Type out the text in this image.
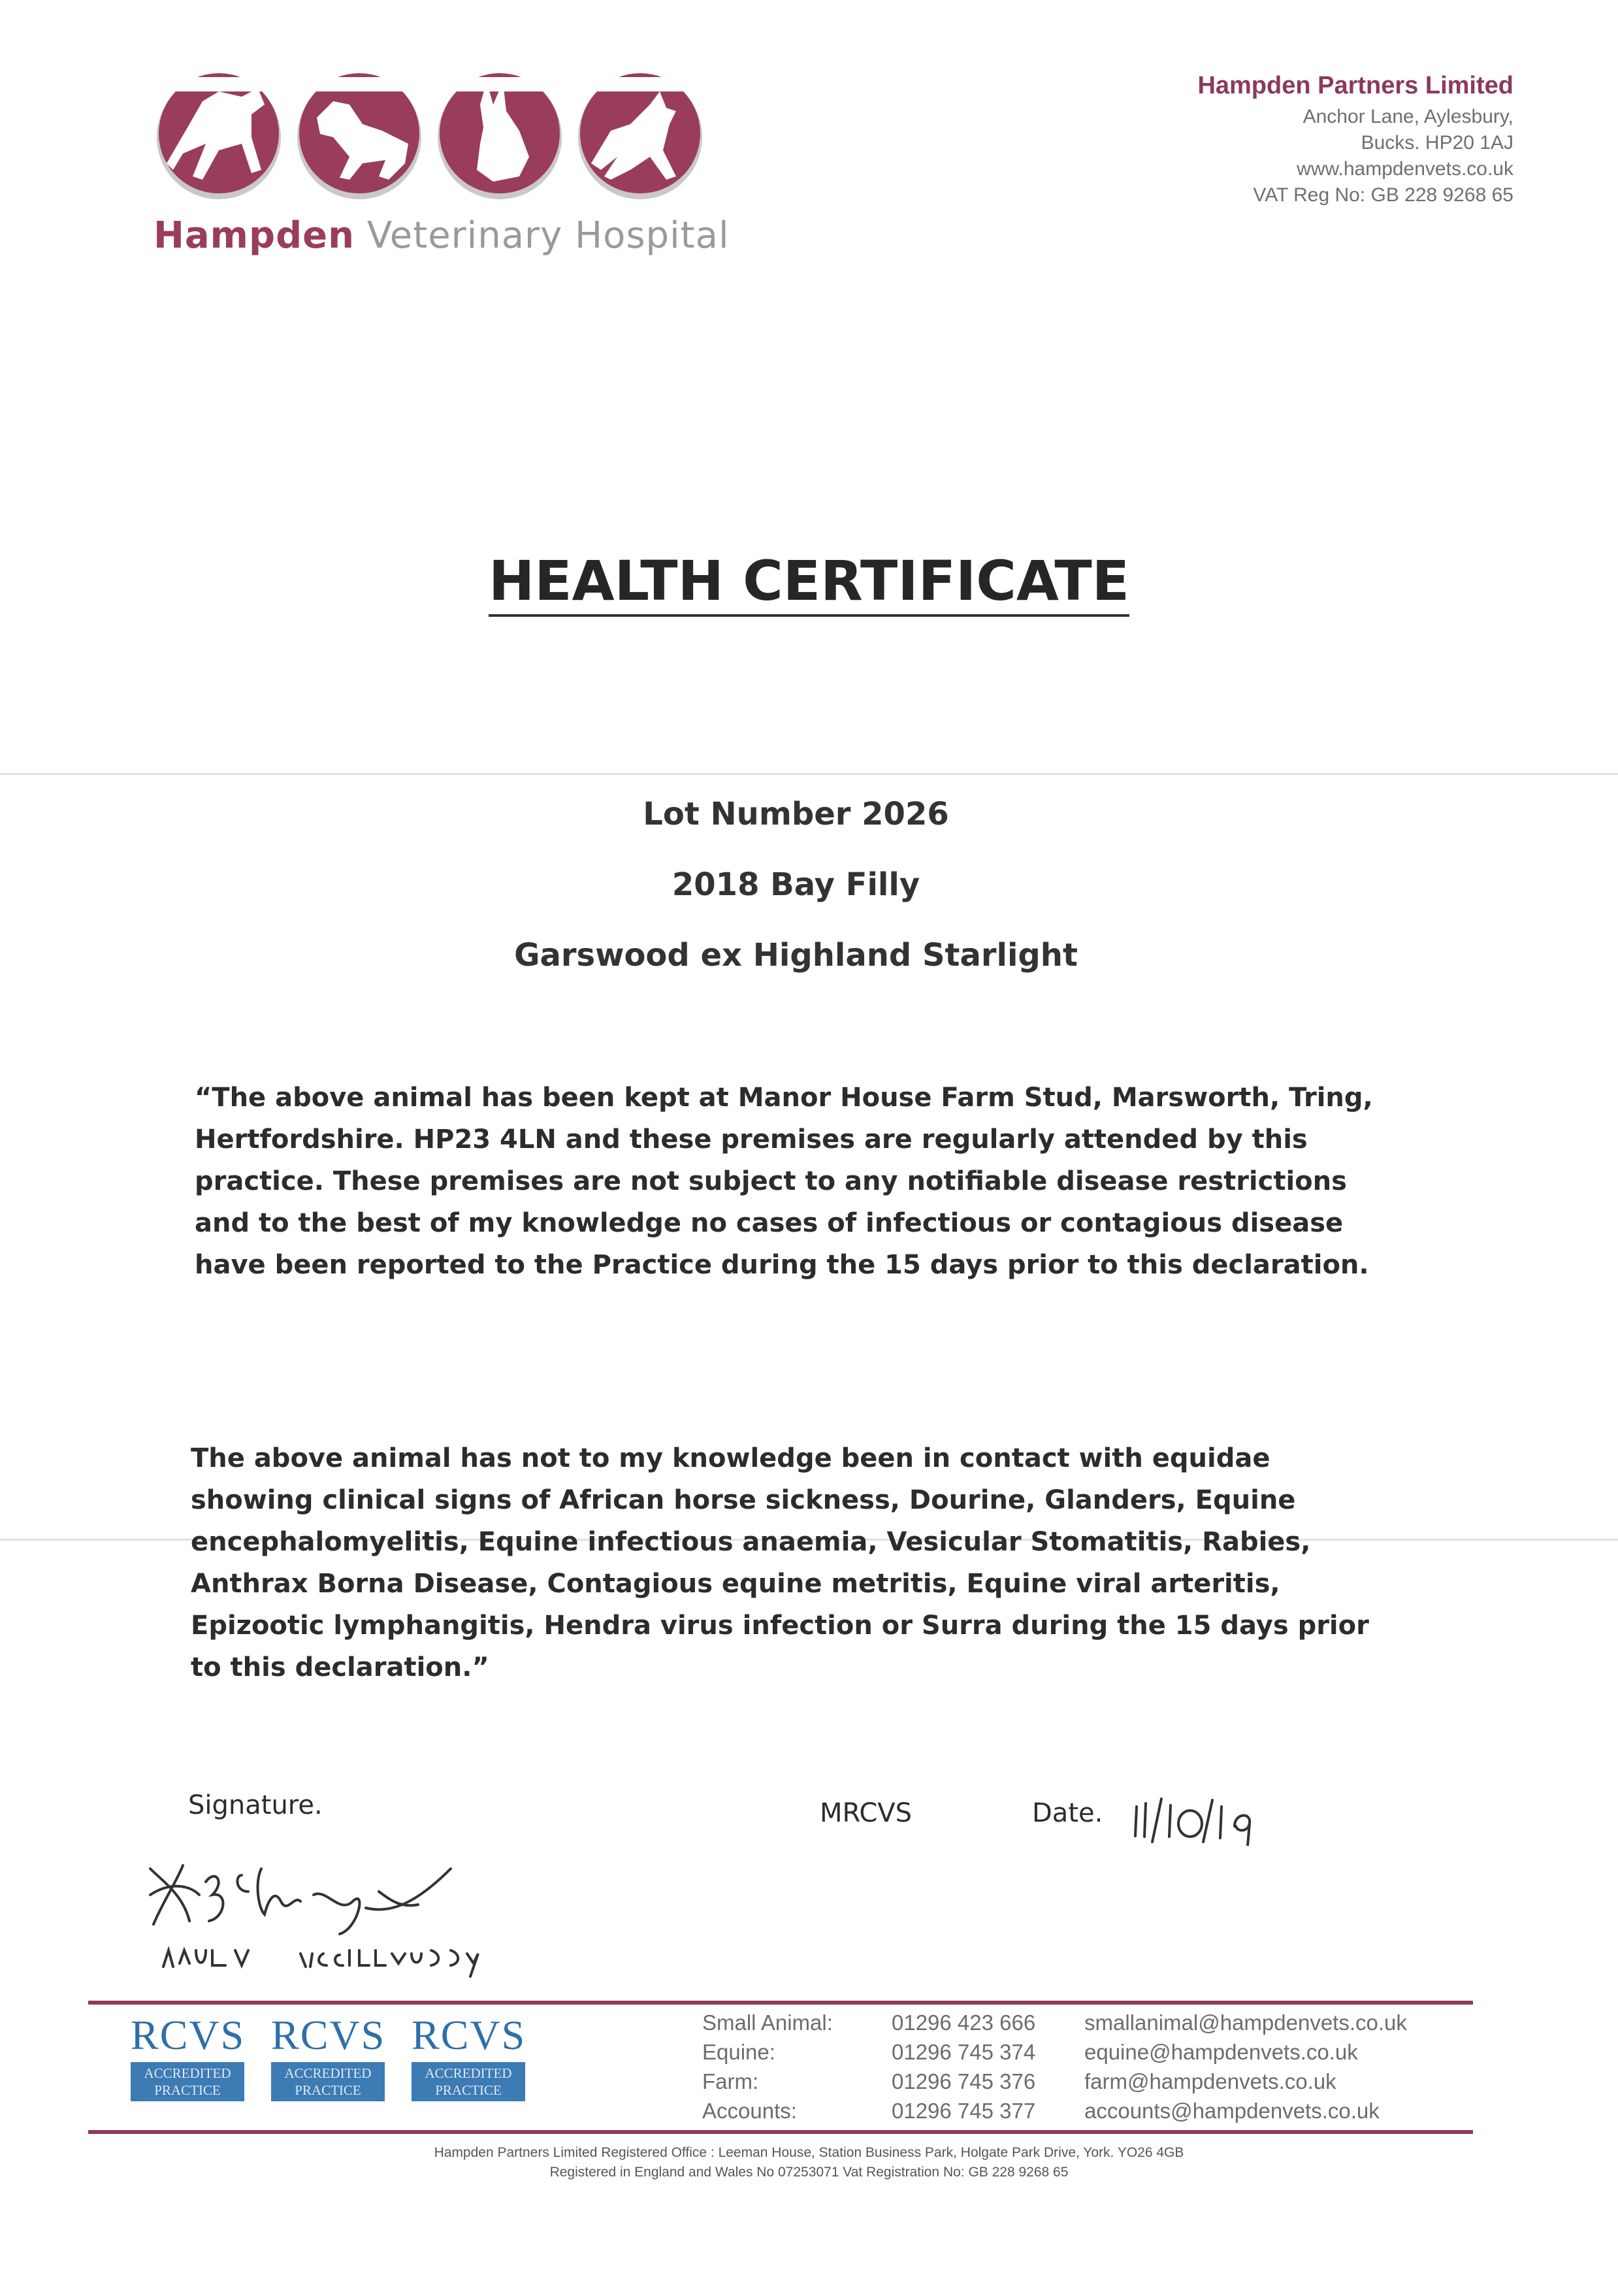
Hampden Veterinary Hospital
Hampden Partners Limited
Anchor Lane, Aylesbury,
Bucks. HP20 1AJ
www.hampdenvets.co.uk
VAT Reg No: GB 228 9268 65
HEALTH CERTIFICATE
Lot Number 2026
2018 Bay Filly
Garswood ex Highland Starlight
“The above animal has been kept at Manor House Farm Stud, Marsworth, Tring, Hertfordshire. HP23 4LN and these premises are regularly attended by this practice. These premises are not subject to any notifiable disease restrictions and to the best of my knowledge no cases of infectious or contagious disease have been reported to the Practice during the 15 days prior to this declaration.
The above animal has not to my knowledge been in contact with equidae showing clinical signs of African horse sickness, Dourine, Glanders, Equine encephalomyelitis, Equine infectious anaemia, Vesicular Stomatitis, Rabies, Anthrax Borna Disease, Contagious equine metritis, Equine viral arteritis, Epizootic lymphangitis, Hendra virus infection or Surra during the 15 days prior to this declaration.”
Signature.	MRCVS	Date.
RCVS
ACCREDITED
PRACTICE
RCVS
ACCREDITED
PRACTICE
RCVS
ACCREDITED
PRACTICE
Small Animal:	01296 423 666 smallanimal@hampdenvets.co.uk
Equine:	01296 745 374 equine@hampdenvets.co.uk
Farm:	01296 745 376 farm@hampdenvets.co.uk
Accounts:	01296 745 377 accounts@hampdenvets.co.uk
Hampden Partners Limited Registered Office : Leeman House, Station Business Park, Holgate Park Drive, York. YO26 4GB
Registered in England and Wales No 07253071 Vat Registration No: GB 228 9268 65
